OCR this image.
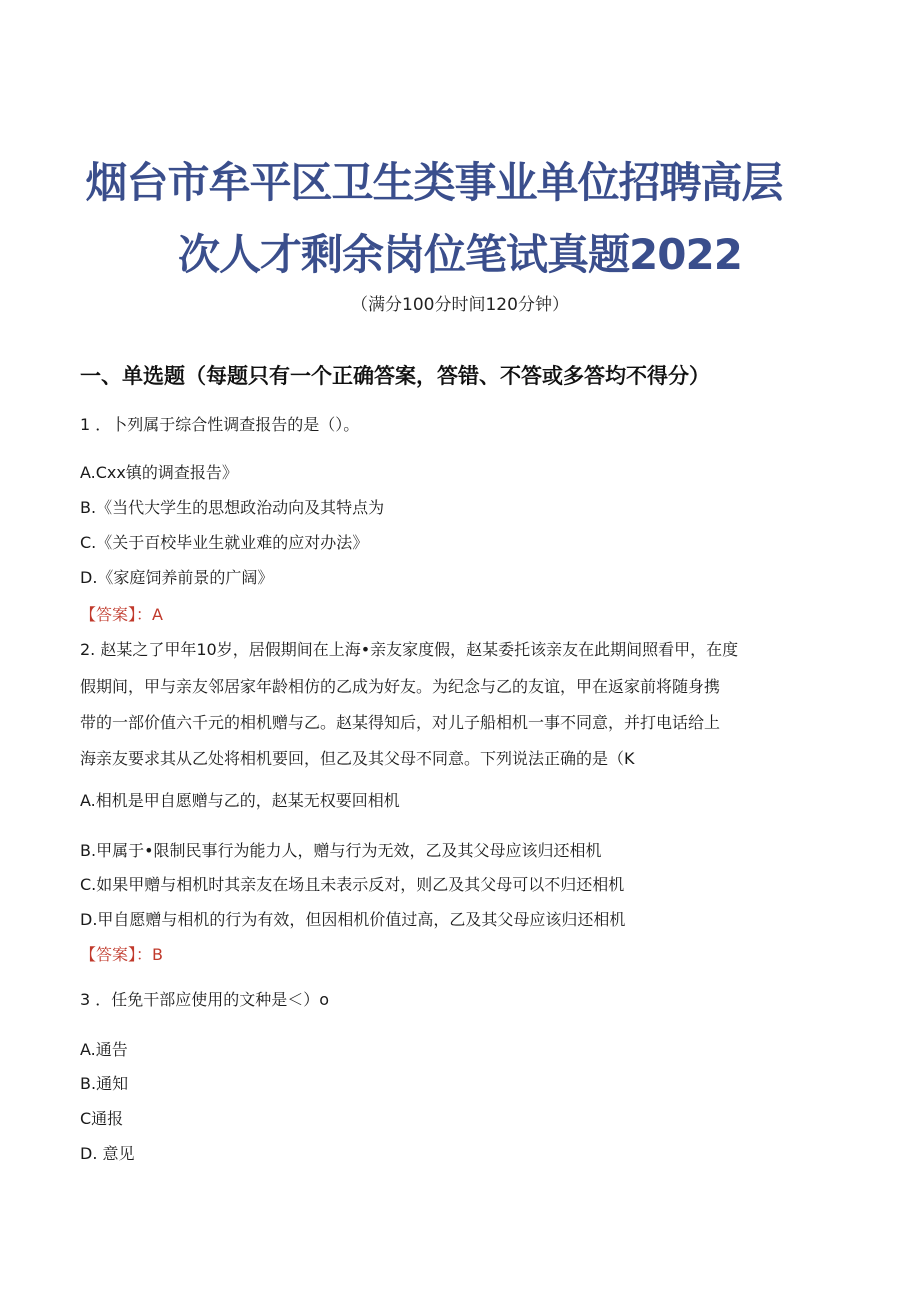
烟台市牟平区卫生类事业单位招聘高层
次人才剩余岗位笔试真题2022
（满分100分时间120分钟）
一、单选题（每题只有一个正确答案，答错、不答或多答均不得分）
1 ．卜列属于综合性调查报告的是（）。
A.Cxx镇的调查报告》
B.《当代大学生的思想政治动向及其特点为
C.《关于百校毕业生就业难的应对办法》
D.《家庭饲养前景的广阔》
【答案】：A
2. 赵某之了甲年10岁，居假期间在上海•亲友家度假，赵某委托该亲友在此期间照看甲，在度
假期间，甲与亲友邻居家年龄相仿的乙成为好友。为纪念与乙的友谊，甲在返家前将随身携
带的一部价值六千元的相机赠与乙。赵某得知后，对儿子船相机一事不同意，并打电话给上
海亲友要求其从乙处将相机要回，但乙及其父母不同意。下列说法正确的是（K
A.相机是甲自愿赠与乙的，赵某无权要回相机
B.甲属于•限制民事行为能力人，赠与行为无效，乙及其父母应该归还相机
C.如果甲赠与相机时其亲友在场且未表示反对，则乙及其父母可以不归还相机
D.甲自愿赠与相机的行为有效，但因相机价值过高，乙及其父母应该归还相机
【答案】：B
3 ．任免干部应使用的文种是＜）o
A.通告
B.通知
C通报
D. 意见
